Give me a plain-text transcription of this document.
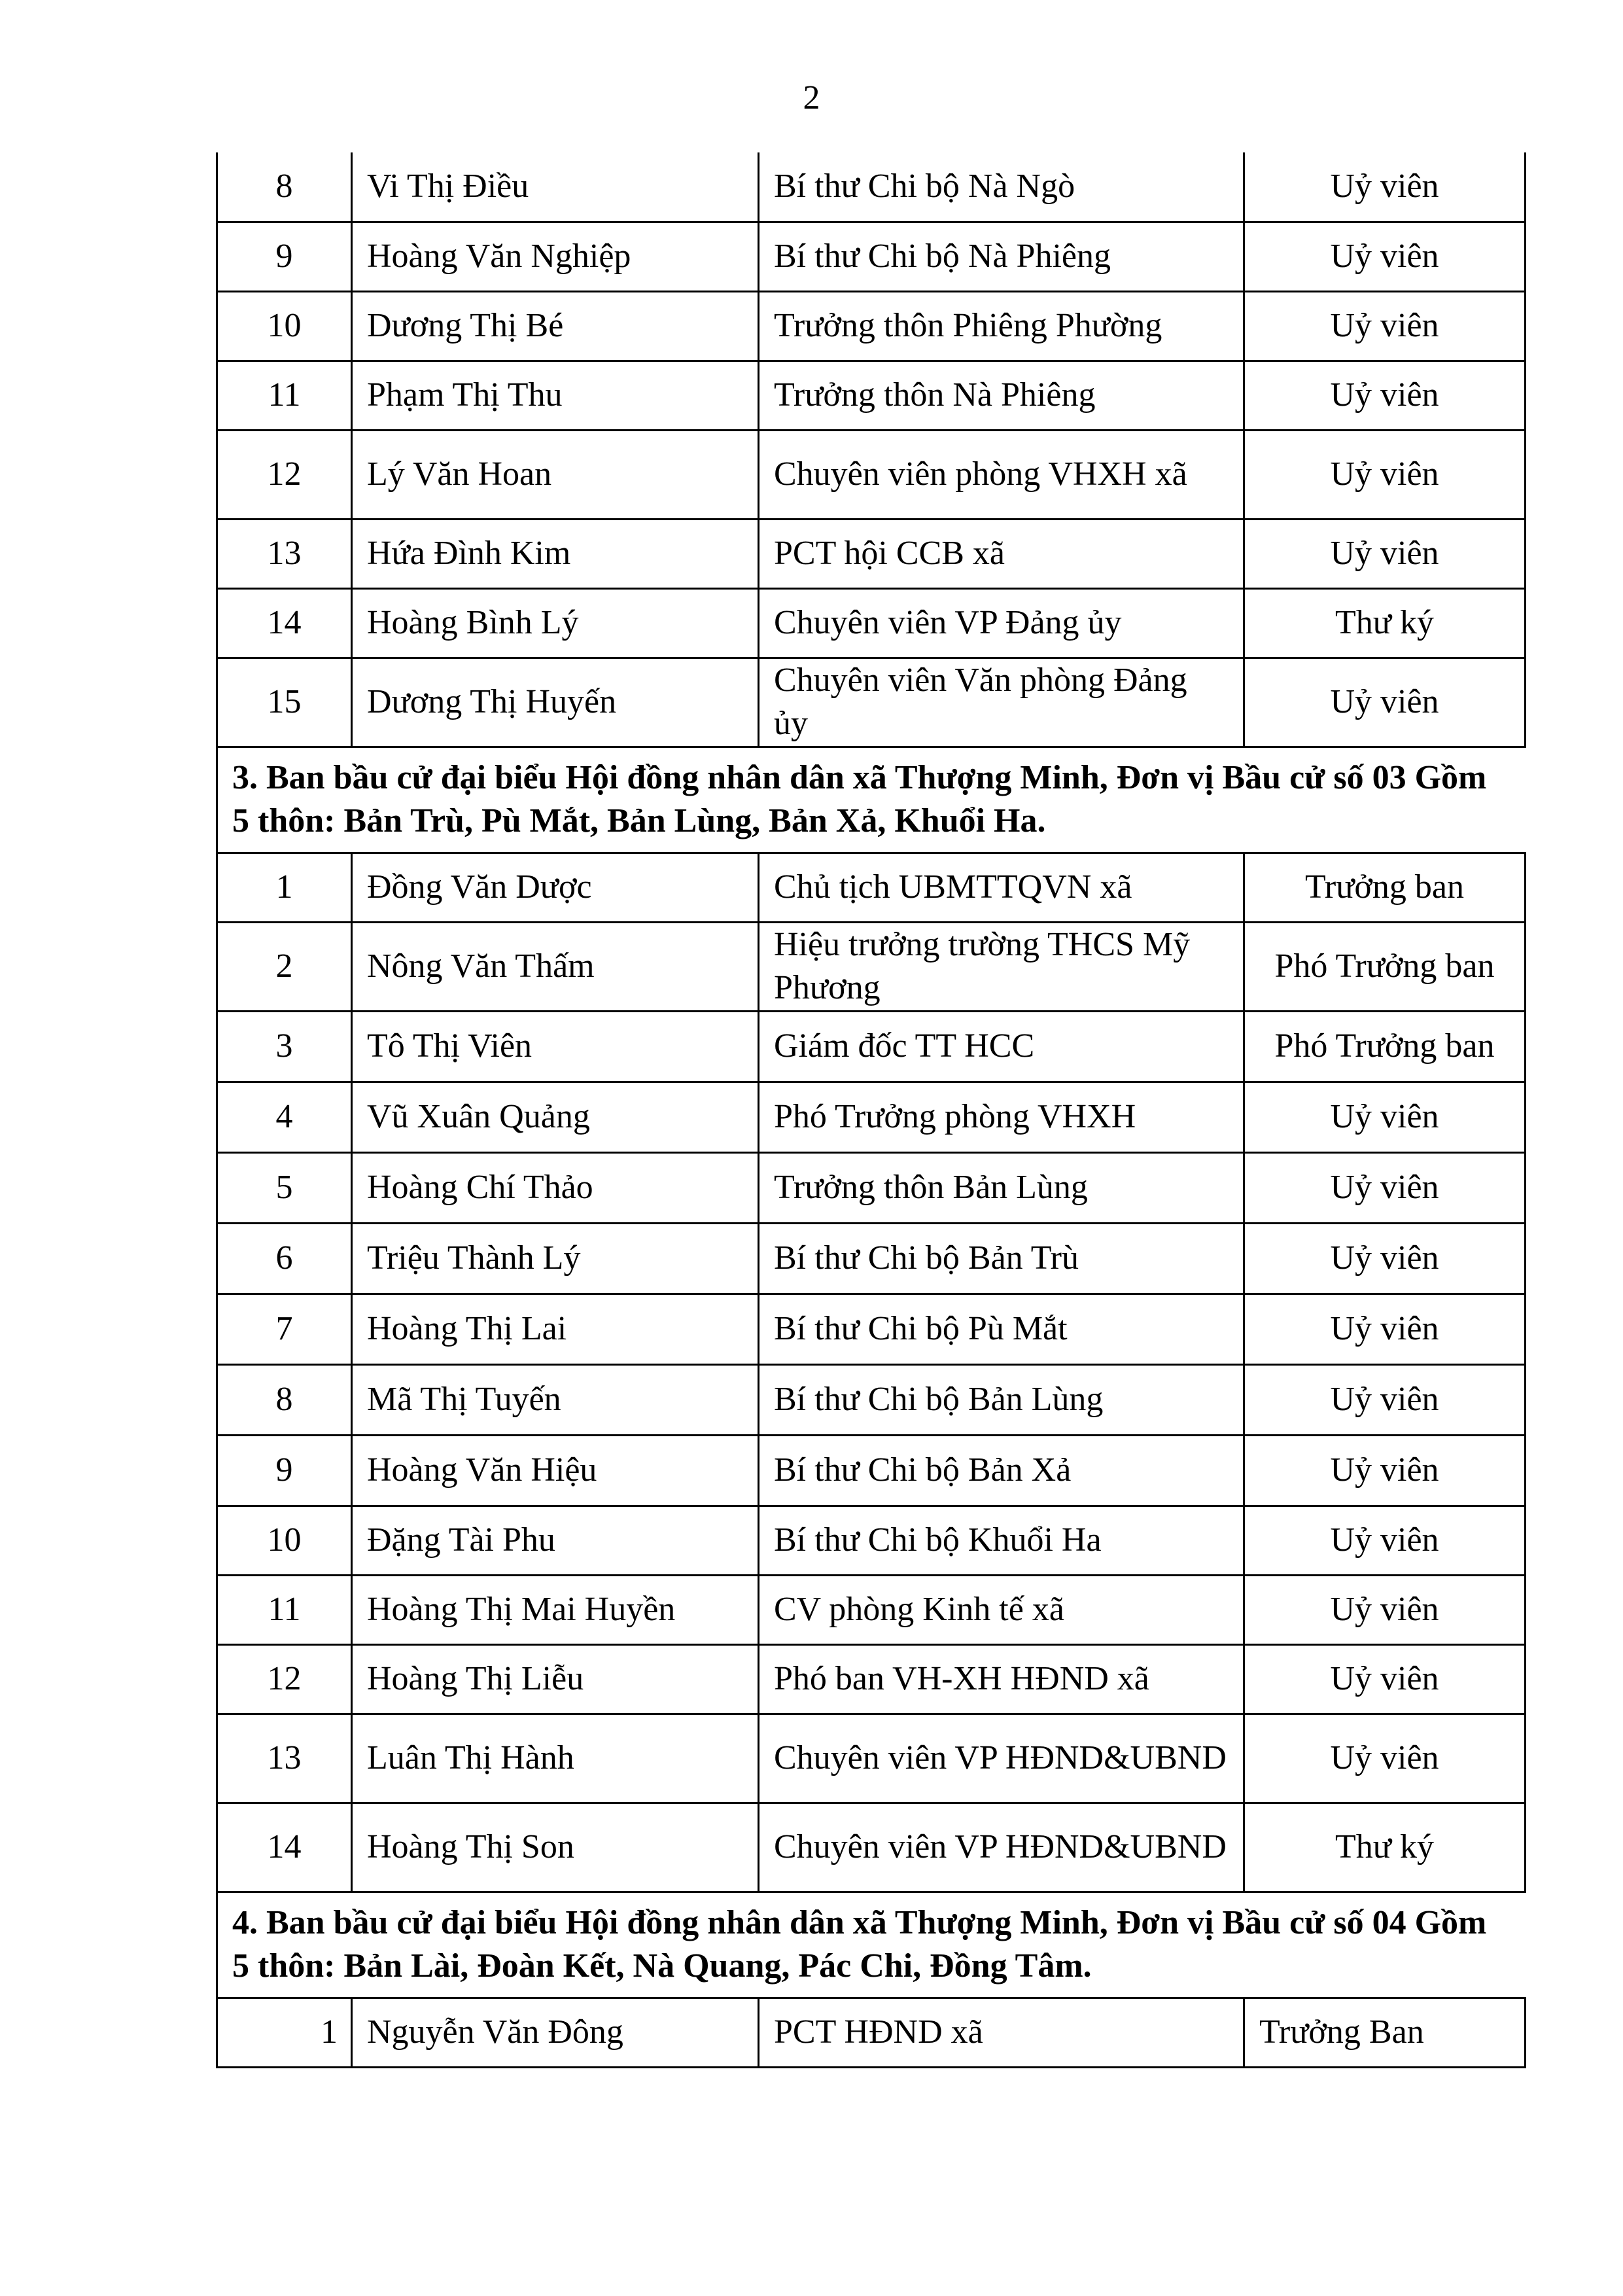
2
8	Vi Thị Điều	Bí thư Chi bộ Nà Ngò	Uỷ viên
9	Hoàng Văn Nghiệp	Bí thư Chi bộ Nà Phiêng	Uỷ viên
10	Dương Thị Bé	Trưởng thôn Phiêng Phường	Uỷ viên
11	Phạm Thị Thu	Trưởng thôn Nà Phiêng	Uỷ viên
12	Lý Văn Hoan	Chuyên viên phòng VHXH xã	Uỷ viên
13	Hứa Đình Kim	PCT hội CCB xã	Uỷ viên
14	Hoàng Bình Lý	Chuyên viên VP Đảng ủy	Thư ký
15	Dương Thị Huyến	Chuyên viên Văn phòng Đảng ủy	Uỷ viên
3. Ban bầu cử đại biểu Hội đồng nhân dân xã Thượng Minh, Đơn vị Bầu cử số 03 Gồm 5 thôn: Bản Trù, Pù Mắt, Bản Lùng, Bản Xả, Khuổi Ha.			
1	Đồng Văn Dược	Chủ tịch UBMTTQVN xã	Trưởng ban
2	Nông Văn Thấm	Hiệu trưởng trường THCS Mỹ Phương	Phó Trưởng ban
3	Tô Thị Viên	Giám đốc TT HCC	Phó Trưởng ban
4	Vũ Xuân Quảng	Phó Trưởng phòng VHXH	Uỷ viên
5	Hoàng Chí Thảo	Trưởng thôn Bản Lùng	Uỷ viên
6	Triệu Thành Lý	Bí thư Chi bộ Bản Trù	Uỷ viên
7	Hoàng Thị Lai	Bí thư Chi bộ Pù Mắt	Uỷ viên
8	Mã Thị Tuyến	Bí thư Chi bộ Bản Lùng	Uỷ viên
9	Hoàng Văn Hiệu	Bí thư Chi bộ Bản Xả	Uỷ viên
10	Đặng Tài Phu	Bí thư Chi bộ Khuổi Ha	Uỷ viên
11	Hoàng Thị Mai Huyền	CV phòng Kinh tế xã	Uỷ viên
12	Hoàng Thị Liễu	Phó ban VH-XH HĐND xã	Uỷ viên
13	Luân Thị Hành	Chuyên viên VP HĐND&UBND	Uỷ viên
14	Hoàng Thị Son	Chuyên viên VP HĐND&UBND	Thư ký
4. Ban bầu cử đại biểu Hội đồng nhân dân xã Thượng Minh, Đơn vị Bầu cử số 04 Gồm 5 thôn: Bản Lài, Đoàn Kết, Nà Quang, Pác Chi, Đồng Tâm.			
1	Nguyễn Văn Đông	PCT HĐND xã	Trưởng Ban
